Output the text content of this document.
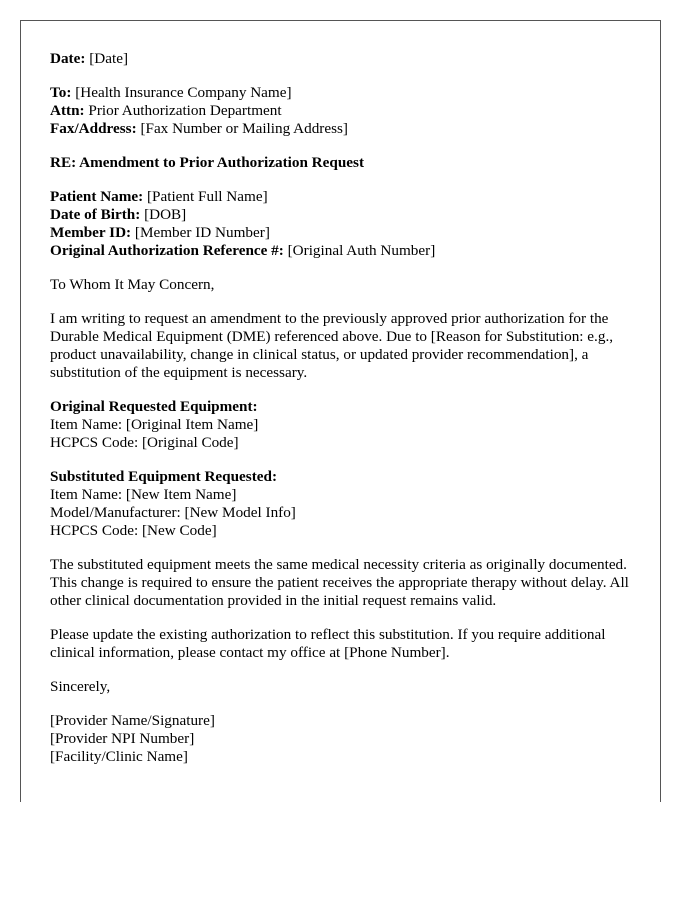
Date: [Date]
To: [Health Insurance Company Name]
Attn: Prior Authorization Department
Fax/Address: [Fax Number or Mailing Address]
RE: Amendment to Prior Authorization Request
Patient Name: [Patient Full Name]
Date of Birth: [DOB]
Member ID: [Member ID Number]
Original Authorization Reference #: [Original Auth Number]
To Whom It May Concern,
I am writing to request an amendment to the previously approved prior authorization for the Durable Medical Equipment (DME) referenced above. Due to [Reason for Substitution: e.g., product unavailability, change in clinical status, or updated provider recommendation], a substitution of the equipment is necessary.
Original Requested Equipment:
Item Name: [Original Item Name]
HCPCS Code: [Original Code]
Substituted Equipment Requested:
Item Name: [New Item Name]
Model/Manufacturer: [New Model Info]
HCPCS Code: [New Code]
The substituted equipment meets the same medical necessity criteria as originally documented. This change is required to ensure the patient receives the appropriate therapy without delay. All other clinical documentation provided in the initial request remains valid.
Please update the existing authorization to reflect this substitution. If you require additional clinical information, please contact my office at [Phone Number].
Sincerely,
[Provider Name/Signature]
[Provider NPI Number]
[Facility/Clinic Name]
